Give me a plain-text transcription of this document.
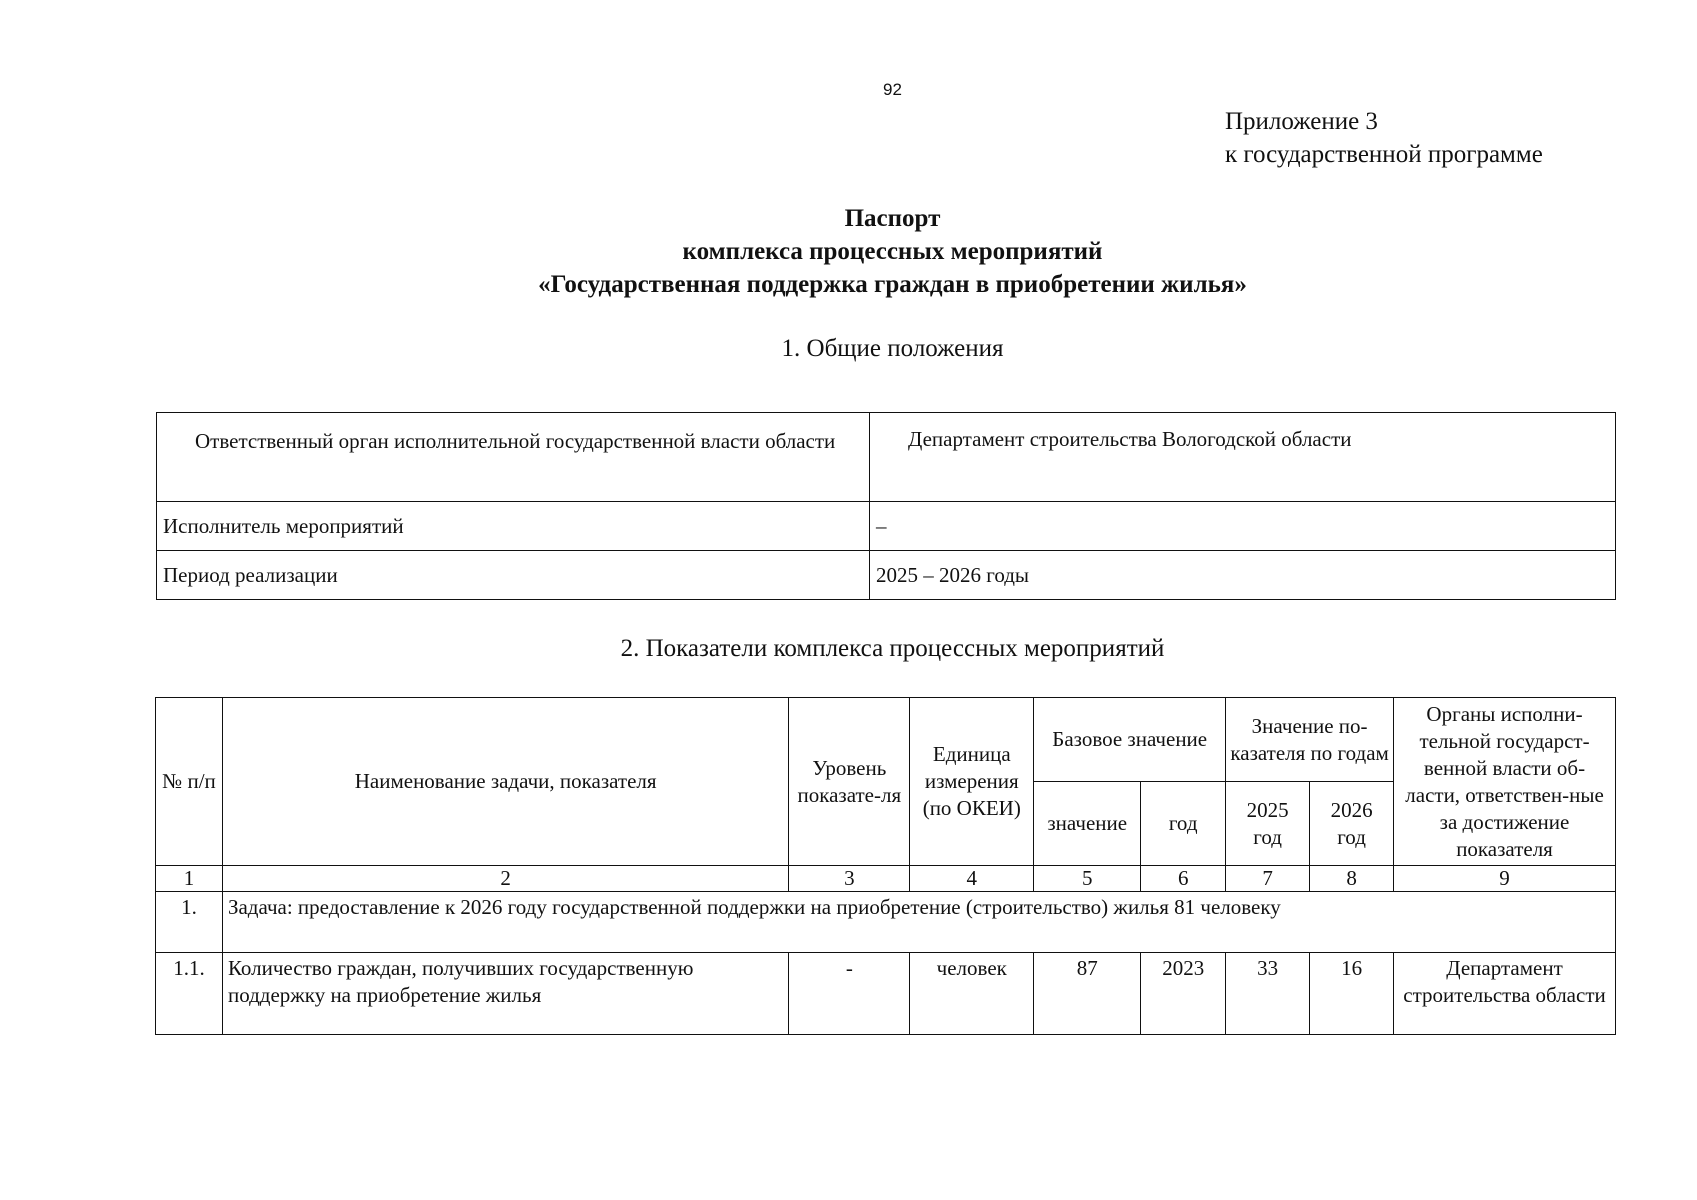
92
Приложение 3
к государственной программе
Паспорт
комплекса процессных мероприятий
«Государственная поддержка граждан в приобретении жилья»
1. Общие положения
Ответственный орган исполнительной государственной власти области	Департамент строительства Вологодской области
Исполнитель мероприятий	–
Период реализации	2025 – 2026 годы
2. Показатели комплекса процессных мероприятий
№ п/п	Наименование задачи, показателя	Уровень показате-ля	Единица измерения (по ОКЕИ)	Базовое значение		Значение по-казателя по годам		Органы исполни-тельной государст-венной власти об-ласти, ответствен-ные за достижение показателя
				значение	год	2025 год	2026 год	
1	2	3	4	5	6	7	8	9
1.	Задача: предоставление к 2026 году государственной поддержки на приобретение (строительство) жилья 81 человеку							
1.1.	Количество граждан, получивших государственную поддержку на приобретение жилья	-	человек	87	2023	33	16	Департамент строительства области
